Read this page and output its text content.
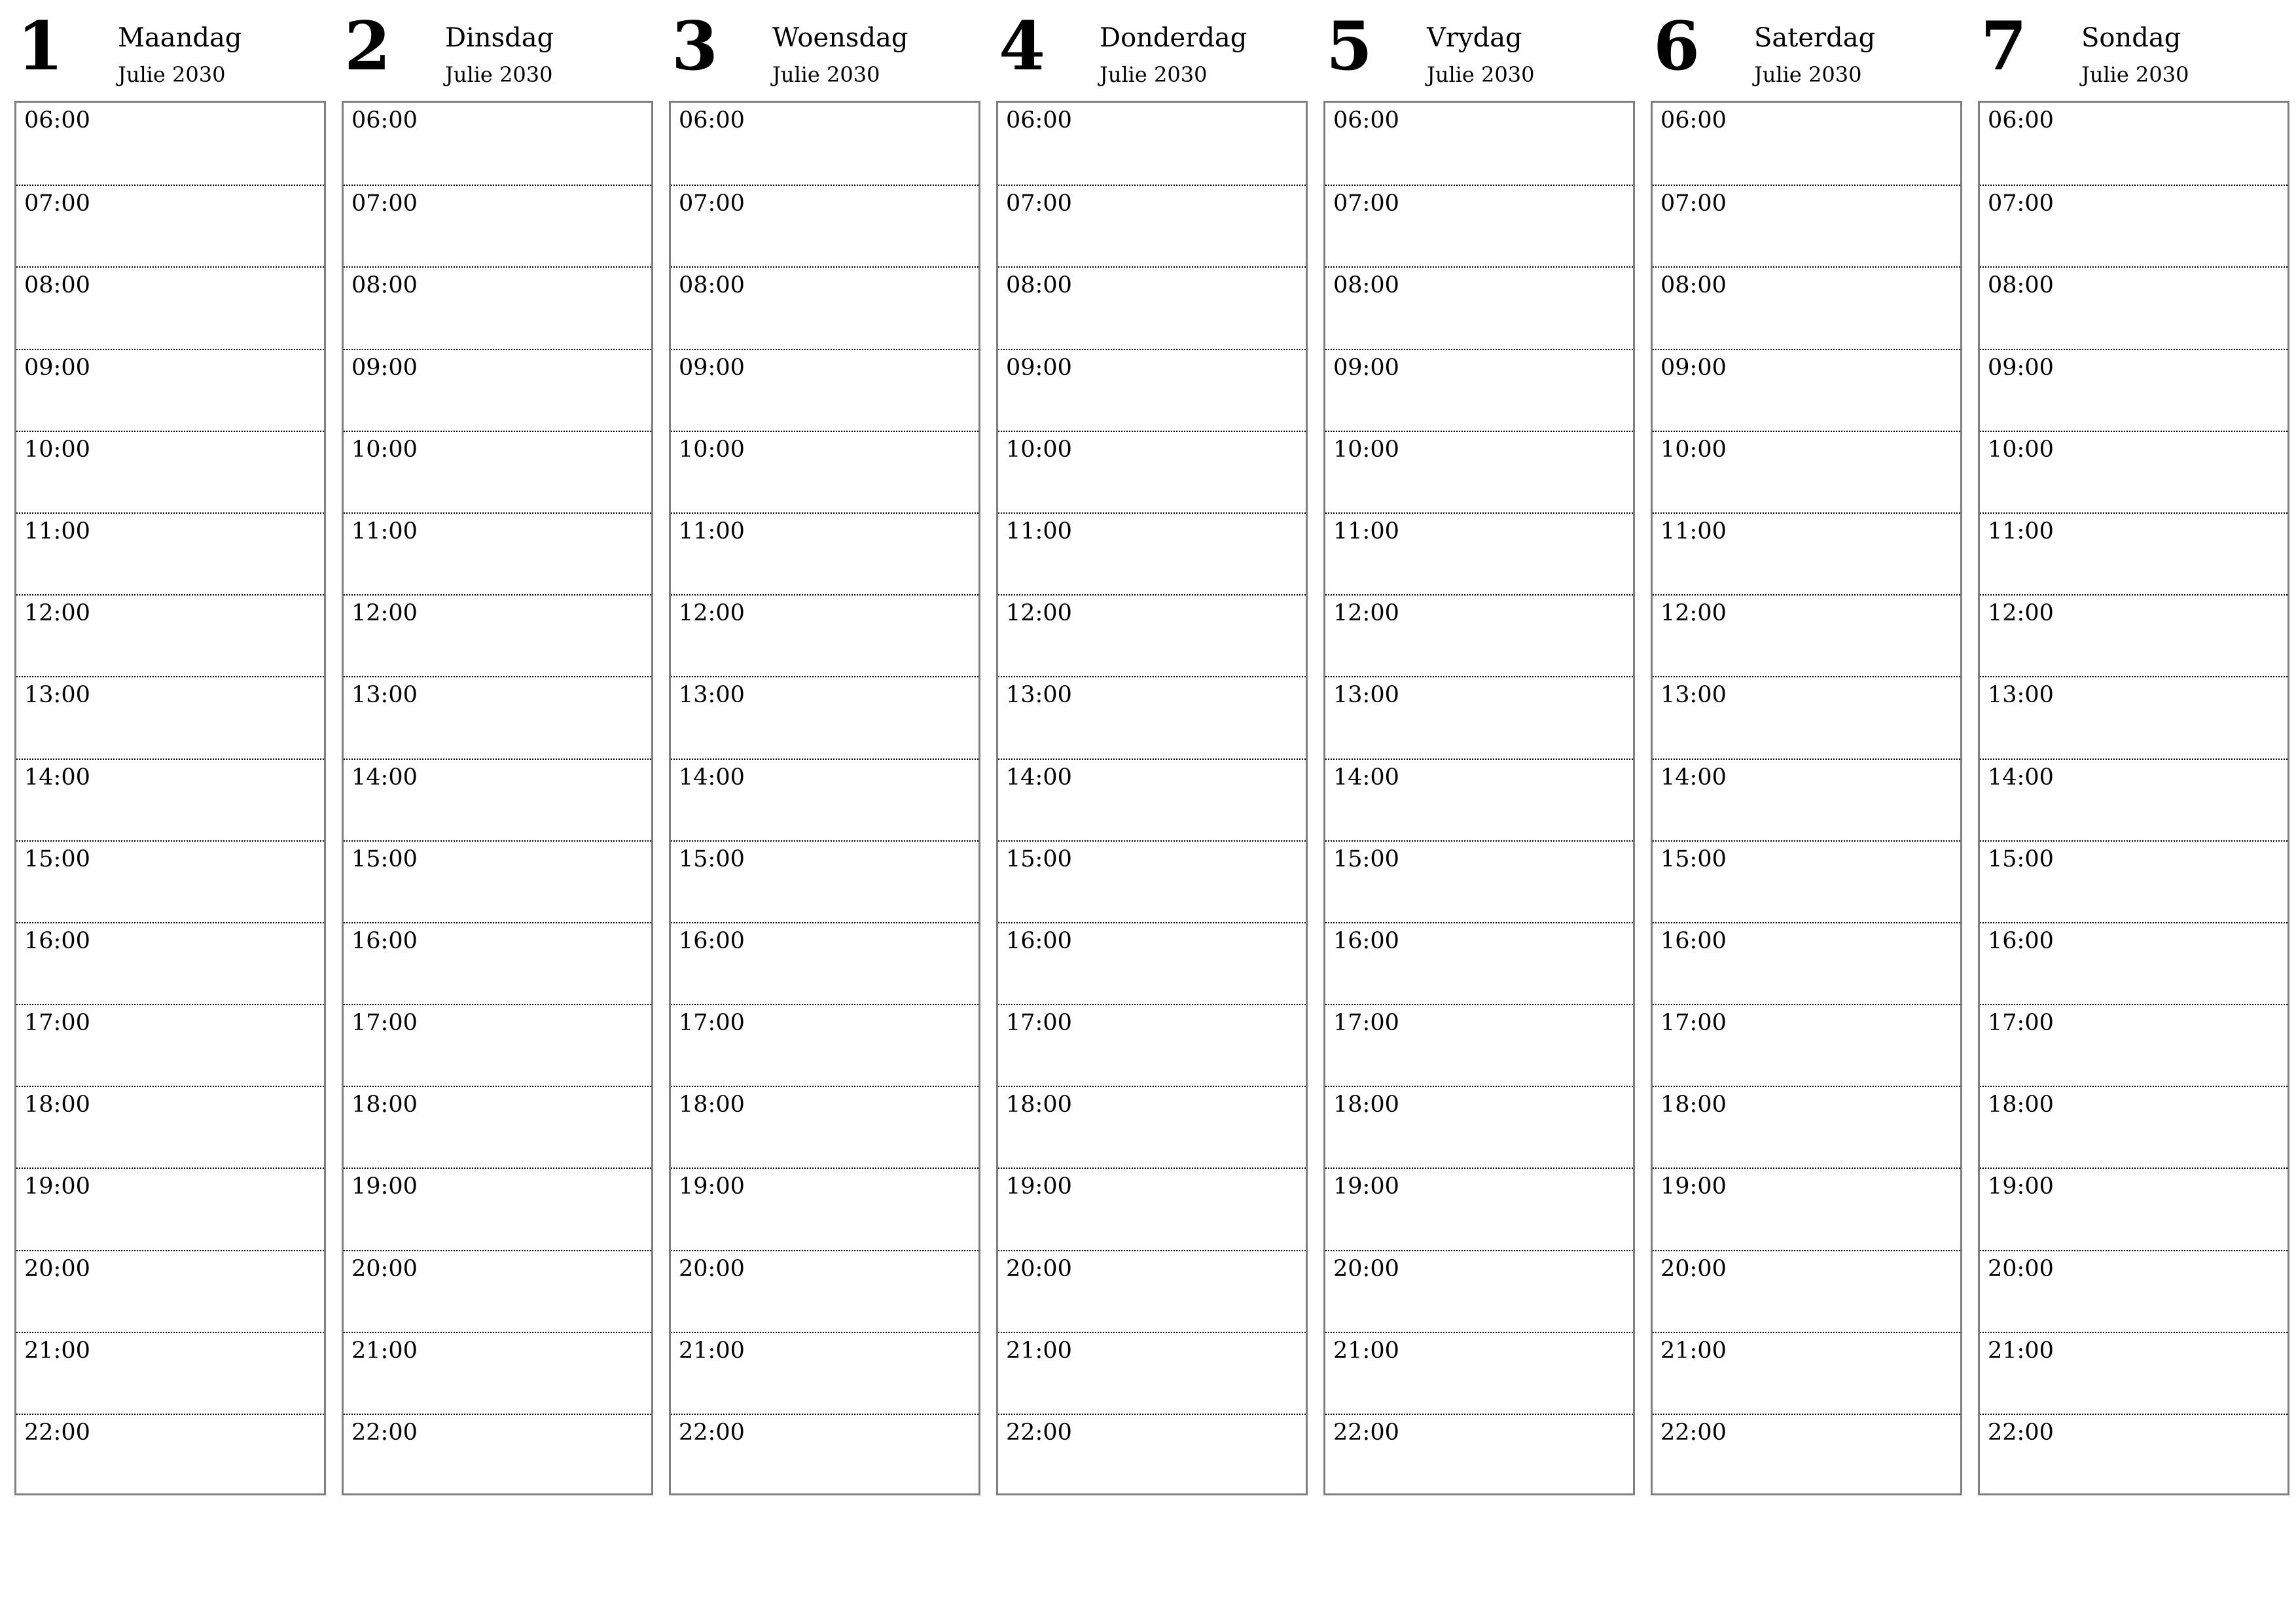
1 Maandag
Julie 2030
06:00
07:00
08:00
09:00
10:00
11:00
12:00
13:00
14:00
15:00
16:00
17:00
18:00
19:00
20:00
21:00
22:00
2 Dinsdag
Julie 2030
06:00
07:00
08:00
09:00
10:00
11:00
12:00
13:00
14:00
15:00
16:00
17:00
18:00
19:00
20:00
21:00
22:00
3 Woensdag
Julie 2030
06:00
07:00
08:00
09:00
10:00
11:00
12:00
13:00
14:00
15:00
16:00
17:00
18:00
19:00
20:00
21:00
22:00
4 Donderdag
Julie 2030
06:00
07:00
08:00
09:00
10:00
11:00
12:00
13:00
14:00
15:00
16:00
17:00
18:00
19:00
20:00
21:00
22:00
5 Vrydag
Julie 2030
06:00
07:00
08:00
09:00
10:00
11:00
12:00
13:00
14:00
15:00
16:00
17:00
18:00
19:00
20:00
21:00
22:00
6 Saterdag
Julie 2030
06:00
07:00
08:00
09:00
10:00
11:00
12:00
13:00
14:00
15:00
16:00
17:00
18:00
19:00
20:00
21:00
22:00
7 Sondag
Julie 2030
06:00
07:00
08:00
09:00
10:00
11:00
12:00
13:00
14:00
15:00
16:00
17:00
18:00
19:00
20:00
21:00
22:00
